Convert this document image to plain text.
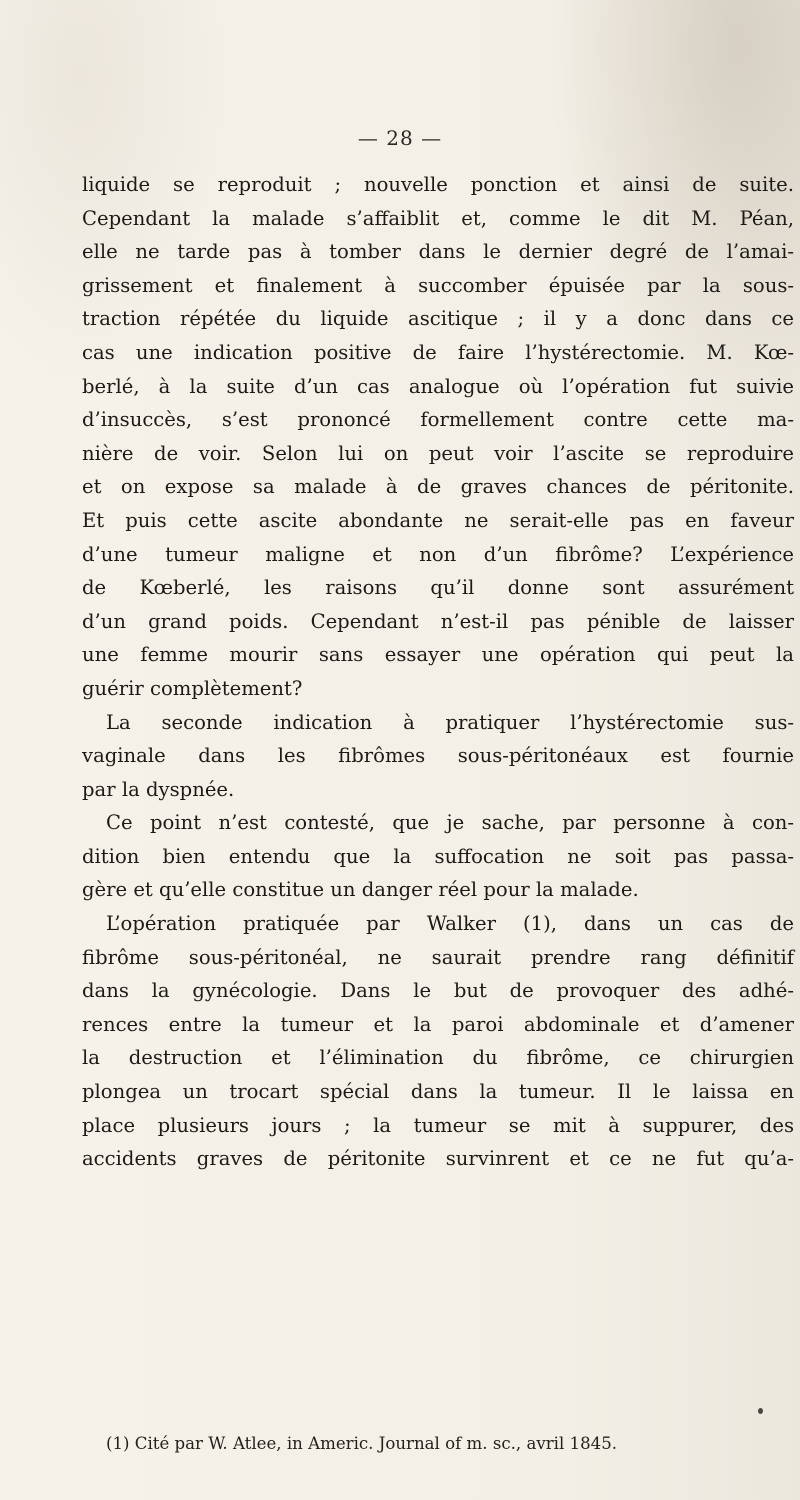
— 28 —
liquide se reproduit ; nouvelle ponction et ainsi de suite.
Cependant la malade s’affaiblit et, comme le dit M. Péan,
elle ne tarde pas à tomber dans le dernier degré de l’amai-
grissement et finalement à succomber épuisée par la sous-
traction répétée du liquide ascitique ; il y a donc dans ce
cas une indication positive de faire l’hystérectomie. M. Kœ-
berlé, à la suite d’un cas analogue où l’opération fut suivie
d’insuccès, s’est prononcé formellement contre cette ma-
nière de voir. Selon lui on peut voir l’ascite se reproduire
et on expose sa malade à de graves chances de péritonite.
Et puis cette ascite abondante ne serait-elle pas en faveur
d’une tumeur maligne et non d’un fibrôme? L’expérience
de Kœberlé, les raisons qu’il donne sont assurément
d’un grand poids. Cependant n’est-il pas pénible de laisser
une femme mourir sans essayer une opération qui peut la
guérir complètement?
La seconde indication à pratiquer l’hystérectomie sus-
vaginale dans les fibrômes sous-péritonéaux est fournie
par la dyspnée.
Ce point n’est contesté, que je sache, par personne à con-
dition bien entendu que la suffocation ne soit pas passa-
gère et qu’elle constitue un danger réel pour la malade.
L’opération pratiquée par Walker (1), dans un cas de
fibrôme sous-péritonéal, ne saurait prendre rang définitif
dans la gynécologie. Dans le but de provoquer des adhé-
rences entre la tumeur et la paroi abdominale et d’amener
la destruction et l’élimination du fibrôme, ce chirurgien
plongea un trocart spécial dans la tumeur. Il le laissa en
place plusieurs jours ; la tumeur se mit à suppurer, des
accidents graves de péritonite survinrent et ce ne fut qu’a-
(1) Cité par W. Atlee, in Americ. Journal of m. sc., avril 1845.
